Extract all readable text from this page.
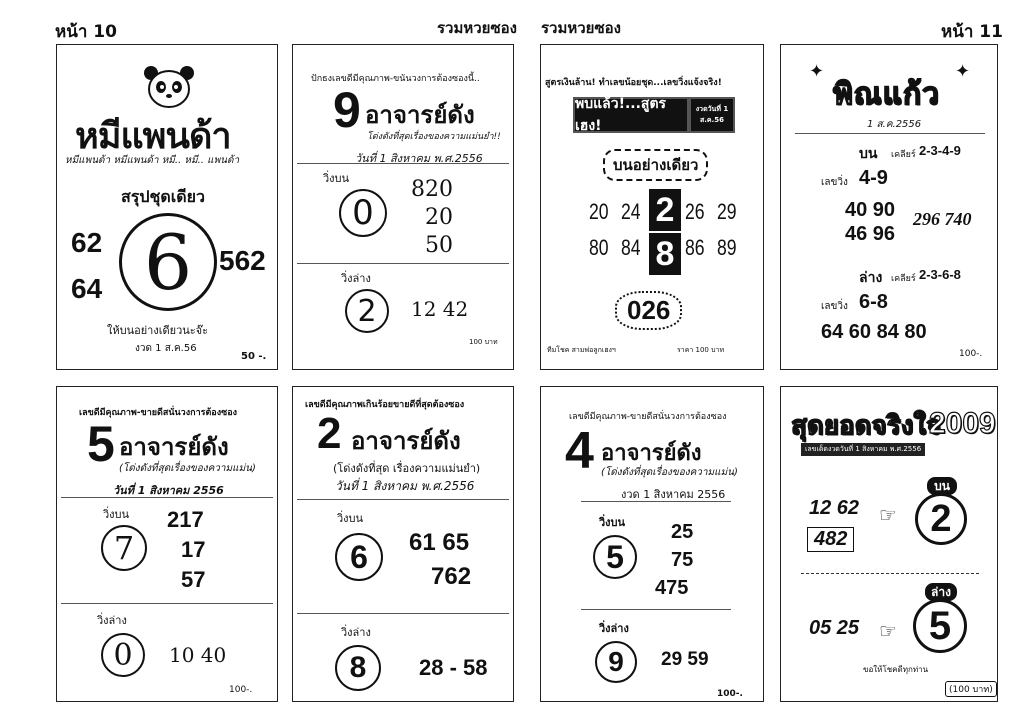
หน้า 10	รวมหวยซอง รวมหวยซอง	หน้า 11
หมีแพนด้า
หมีแพนด้า หมีแพนด้า หมี.. หมี.. แพนด้า
สรุปชุดเดียว
62
64 6 562
ให้บนอย่างเดียวนะจ๊ะ
งวด 1 ส.ค.56
50 -.
ปักธงเลขดีมีคุณภาพ-ขนันวงการต้องซองนี้..
9 อาจารย์ดัง
โด่งดังที่สุดเรื่องของความแม่นยำ!!
วันที่ 1 สิงหาคม พ.ศ.2556
วิ่งบน
0
820
20
50
วิ่งล่าง
2 12 42
100 บาท
สูตรเงินล้าน! ทำเลขน้อยชุด...เลขวิ่งแจ้งจริง!
พบแล้ว!...สูตรเฮง!
งวดวันที่ 1 ส.ค.56
บนอย่างเดียว
20 24 2 26 29
80 84 8 86 89
026
ทีมโชค สามพ่อลูกเฮงฯ	ราคา 100 บาท
✦	✦
พิณแก้ว
1 ส.ค.2556
บน เคลียร์ 2-3-4-9
เลขวิ่ง 4-9
40 90
46 96
296 740
ล่าง เคลียร์ 2-3-6-8
เลขวิ่ง 6-8
64 60 84 80
100-.
เลขดีมีคุณภาพ-ขายดีสนั่นวงการต้องซอง
5 อาจารย์ดัง
(โด่งดังที่สุดเรื่องของความแม่น)
วันที่ 1 สิงหาคม 2556
วิ่งบน
7
217
17
57
วิ่งล่าง
0 10 40
100-.
เลขดีมีคุณภาพเกินร้อยขายดีที่สุดต้องซอง
2 อาจารย์ดัง
(โด่งดังที่สุด เรื่องความแม่นยำ)
วันที่ 1 สิงหาคม พ.ศ.2556
วิ่งบน
6 61 65
762
วิ่งล่าง
8 28 - 58
เลขดีมีคุณภาพ-ขายดีสนั่นวงการต้องซอง
4 อาจารย์ดัง
(โด่งดังที่สุดเรื่องของความแม่น)
งวด 1 สิงหาคม 2556
วิ่งบน
5
25
75
475
วิ่งล่าง
9 29 59
100-.
สุดยอดจริงใจ
2009
เลขเด็ดงวดวันที่ 1 สิงหาคม พ.ศ.2556
12 62
482
☞
บน
2
05 25 ☞
ล่าง
5
ขอให้โชคดีทุกท่าน
(100 บาท)
